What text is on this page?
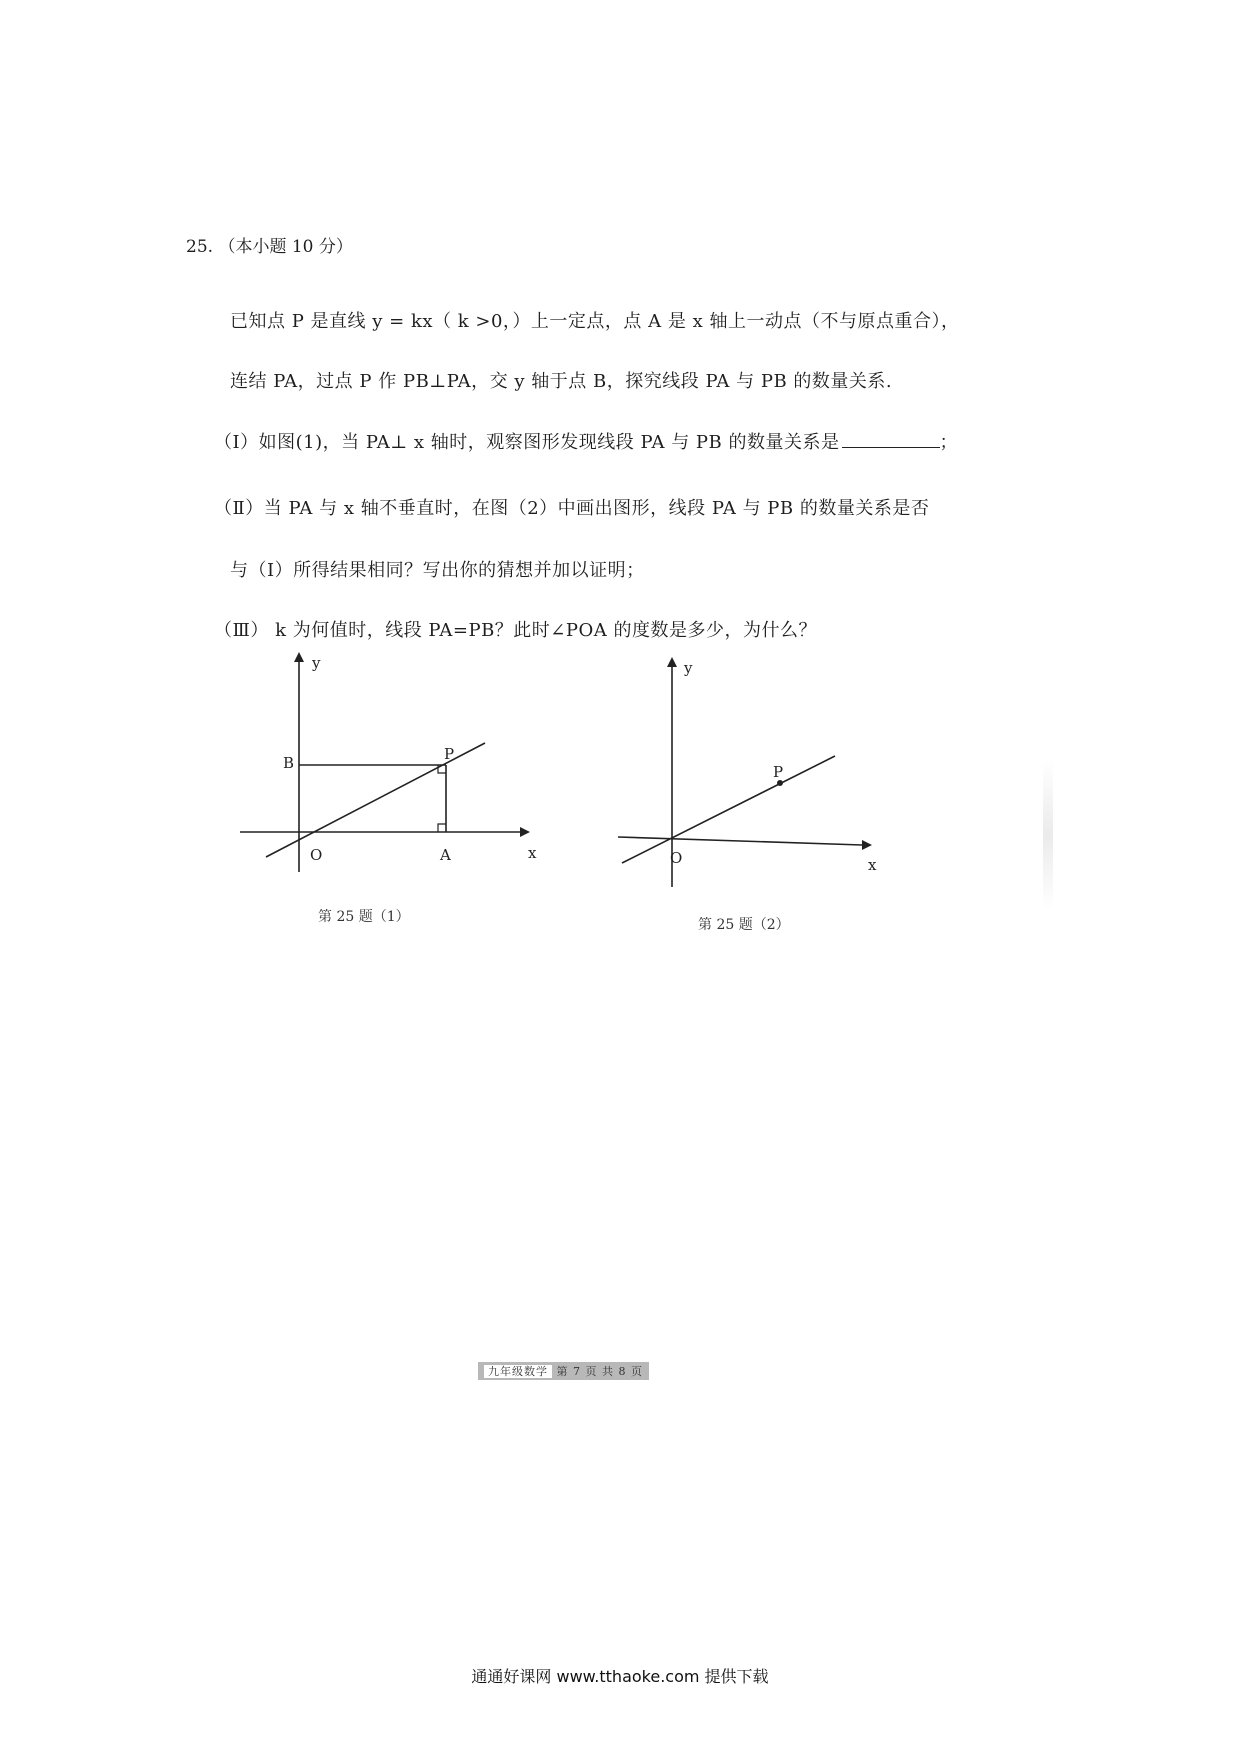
25. （本小题 10 分）
已知点 P 是直线 y = kx（ k >0，）上一定点，点 A 是 x 轴上一动点（不与原点重合），
连结 PA，过点 P 作 PB⊥PA，交 y 轴于点 B，探究线段 PA 与 PB 的数量关系.
（Ⅰ）如图(1)，当 PA⊥ x 轴时，观察图形发现线段 PA 与 PB 的数量关系是	；
（Ⅱ）当 PA 与 x 轴不垂直时，在图（2）中画出图形，线段 PA 与 PB 的数量关系是否
与（Ⅰ）所得结果相同？写出你的猜想并加以证明；
（Ⅲ） k 为何值时，线段 PA=PB？此时∠POA 的度数是多少，为什么？
y
x
O	A
B	P
第 25 题（1）
y
x
O
P
第 25 题（2）
九年级数学 第 7 页 共 8 页
通通好课网 www.tthaoke.com 提供下载
